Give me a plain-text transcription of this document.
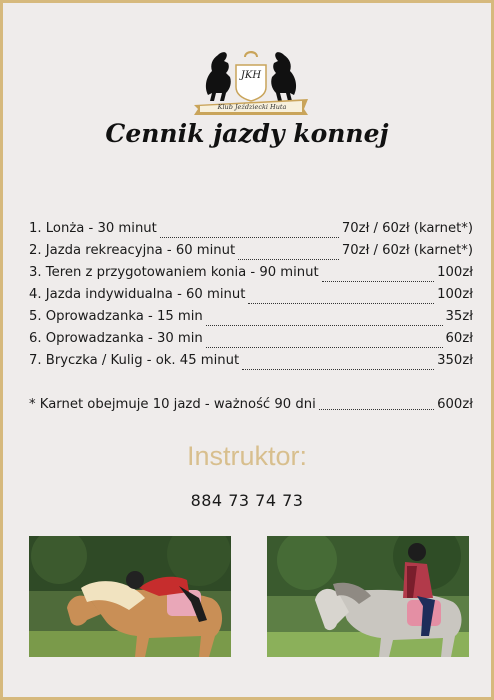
JKH
Klub Jeździecki Huta
Cennik jazdy konnej
1. Lonża - 30 minut	70zł / 60zł (karnet*)
2. Jazda rekreacyjna - 60 minut	70zł / 60zł (karnet*)
3. Teren z przygotowaniem konia - 90 minut	100zł
4. Jazda indywidualna - 60 minut	100zł
5. Oprowadzanka - 15 min	35zł
6. Oprowadzanka - 30 min	60zł
7. Bryczka / Kulig - ok. 45 minut	350zł
* Karnet obejmuje 10 jazd - ważność 90 dni	600zł
Instruktor:
884 73 74 73
